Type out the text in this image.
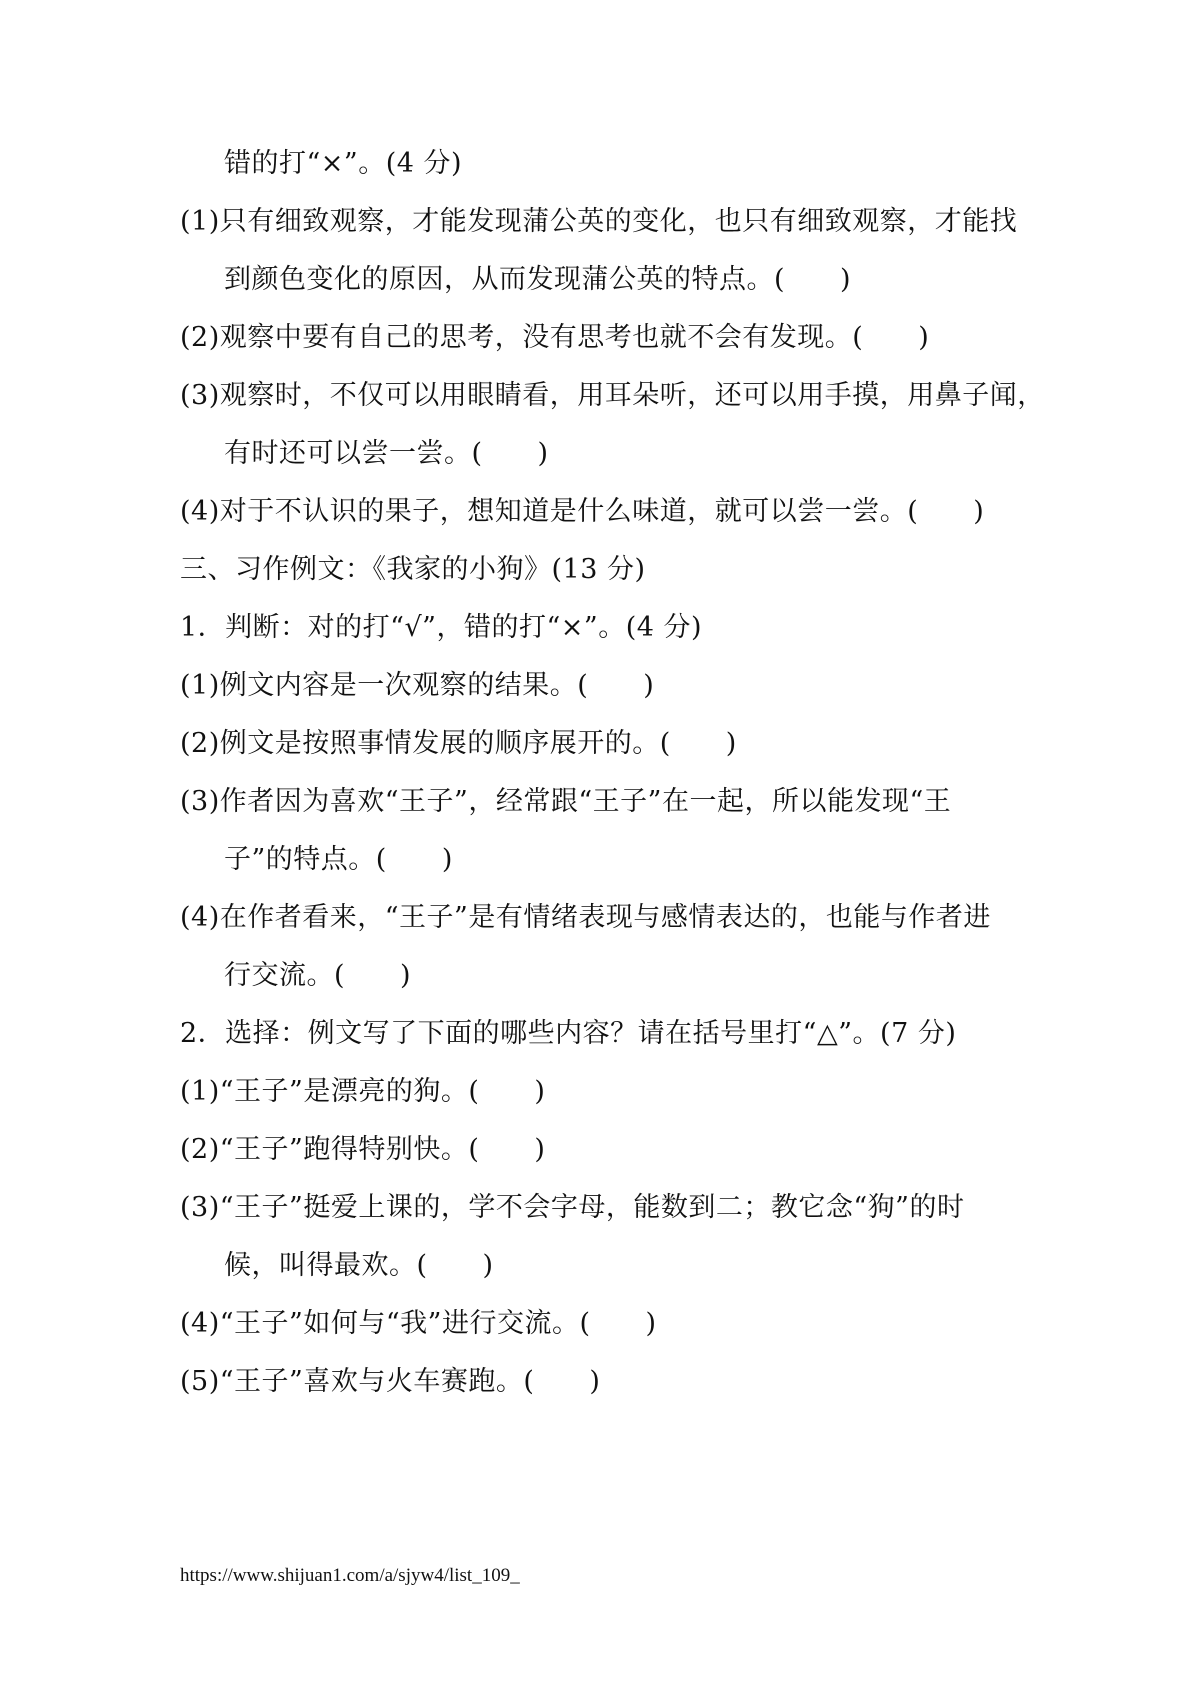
错的打“×”。(4 分)
(1)只有细致观察，才能发现蒲公英的变化，也只有细致观察，才能找
到颜色变化的原因，从而发现蒲公英的特点。(　　)
(2)观察中要有自己的思考，没有思考也就不会有发现。(　　)
(3)观察时，不仅可以用眼睛看，用耳朵听，还可以用手摸，用鼻子闻，
有时还可以尝一尝。(　　)
(4)对于不认识的果子，想知道是什么味道，就可以尝一尝。(　　)
三、习作例文：《我家的小狗》(13 分)
1．判断：对的打“√”，错的打“×”。(4 分)
(1)例文内容是一次观察的结果。(　　)
(2)例文是按照事情发展的顺序展开的。(　　)
(3)作者因为喜欢“王子”，经常跟“王子”在一起，所以能发现“王
子”的特点。(　　)
(4)在作者看来，“王子”是有情绪表现与感情表达的，也能与作者进
行交流。(　　)
2．选择：例文写了下面的哪些内容？请在括号里打“△”。(7 分)
(1)“王子”是漂亮的狗。(　　)
(2)“王子”跑得特别快。(　　)
(3)“王子”挺爱上课的，学不会字母，能数到二；教它念“狗”的时
候，叫得最欢。(　　)
(4)“王子”如何与“我”进行交流。(　　)
(5)“王子”喜欢与火车赛跑。(　　)
https://www.shijuan1.com/a/sjyw4/list_109_
